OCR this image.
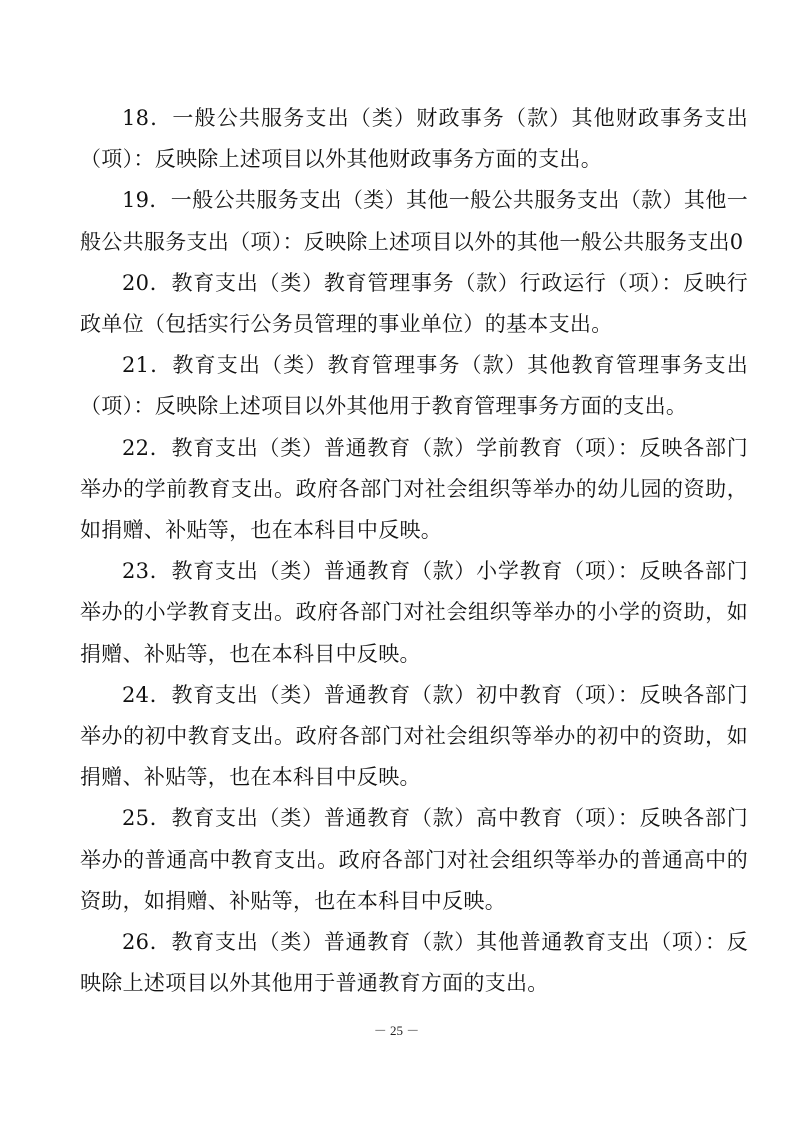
18．一般公共服务支出（类）财政事务（款）其他财政事务支出（项）：反映除上述项目以外其他财政事务方面的支出。

19．一般公共服务支出（类）其他一般公共服务支出（款）其他一般公共服务支出（项）：反映除上述项目以外的其他一般公共服务支出0

20．教育支出（类）教育管理事务（款）行政运行（项）：反映行政单位（包括实行公务员管理的事业单位）的基本支出。

21．教育支出（类）教育管理事务（款）其他教育管理事务支出（项）：反映除上述项目以外其他用于教育管理事务方面的支出。

22．教育支出（类）普通教育（款）学前教育（项）：反映各部门举办的学前教育支出。政府各部门对社会组织等举办的幼儿园的资助，如捐赠、补贴等，也在本科目中反映。

23．教育支出（类）普通教育（款）小学教育（项）：反映各部门举办的小学教育支出。政府各部门对社会组织等举办的小学的资助，如捐赠、补贴等，也在本科目中反映。

24．教育支出（类）普通教育（款）初中教育（项）：反映各部门举办的初中教育支出。政府各部门对社会组织等举办的初中的资助，如捐赠、补贴等，也在本科目中反映。

25．教育支出（类）普通教育（款）高中教育（项）：反映各部门举办的普通高中教育支出。政府各部门对社会组织等举办的普通高中的资助，如捐赠、补贴等，也在本科目中反映。

26．教育支出（类）普通教育（款）其他普通教育支出（项）：反映除上述项目以外其他用于普通教育方面的支出。

－ 25 －
